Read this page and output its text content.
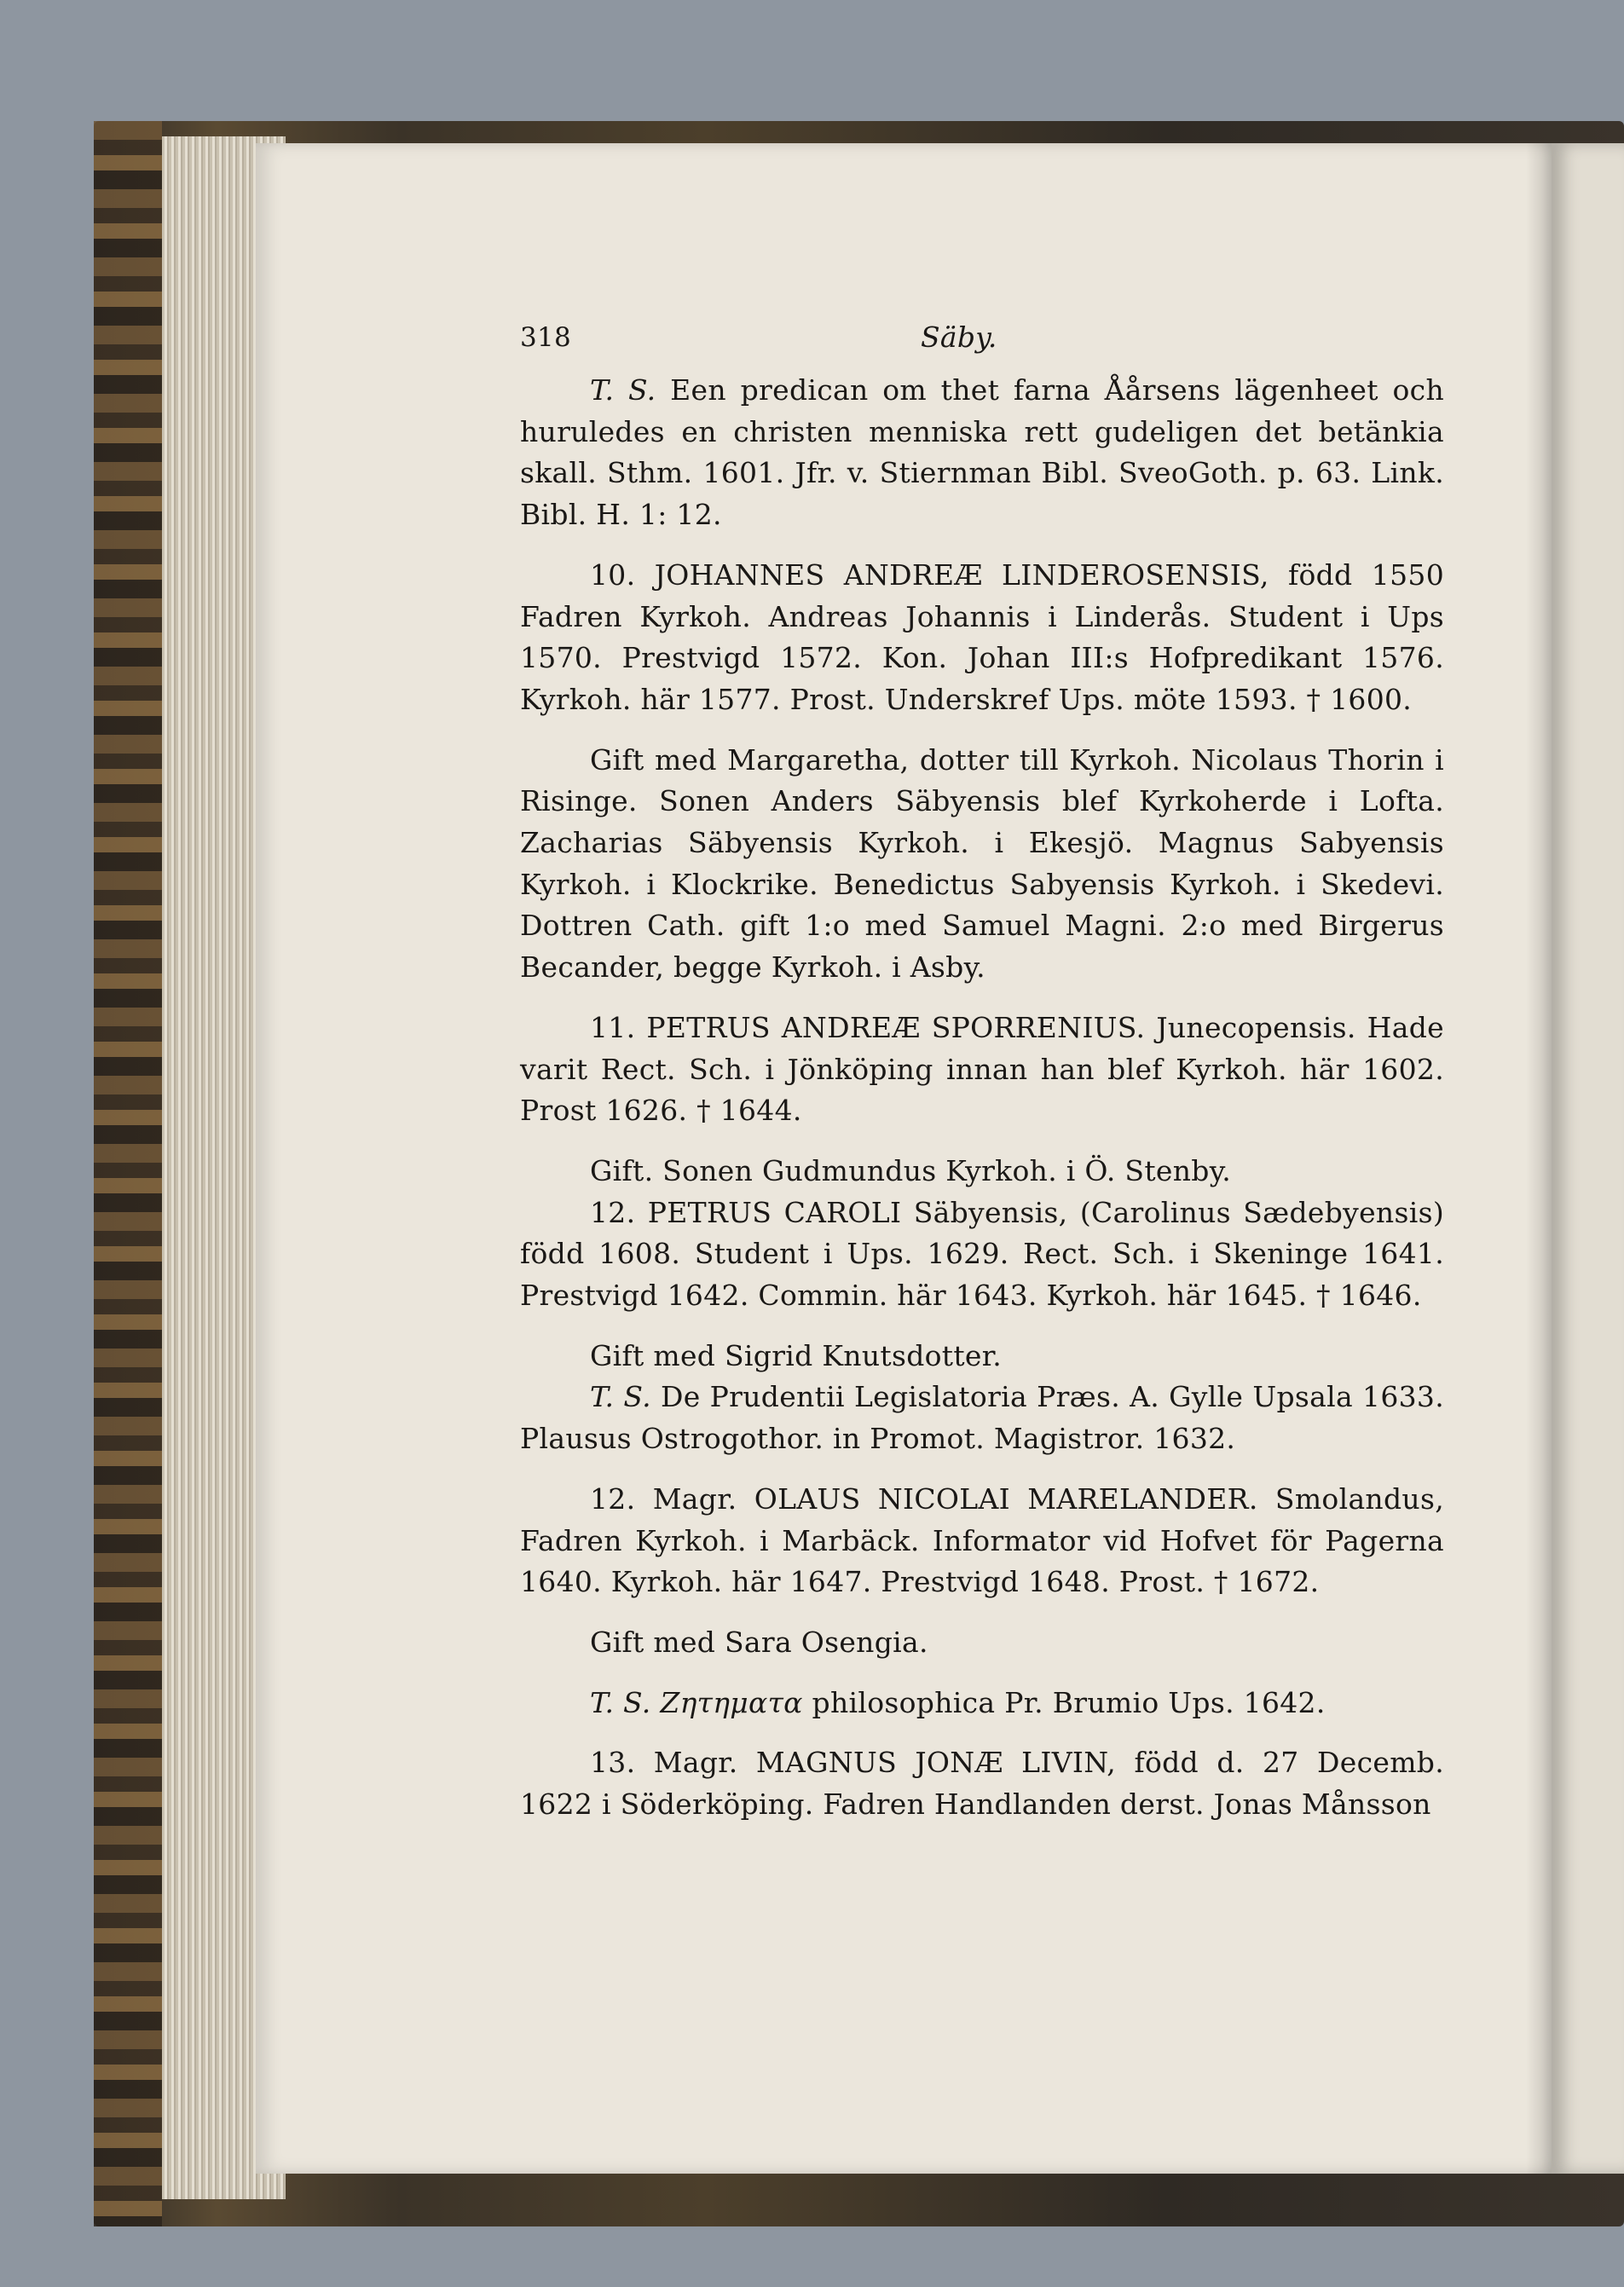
318	Säby.

T. S. Een predican om thet farna Åårsens lägenheet och huruledes en christen menniska rett gudeligen det betänkia skall. Sthm. 1601. Jfr. v. Stiernman Bibl. SveoGoth. p. 63. Link. Bibl. H. 1: 12.

10. JOHANNES ANDREÆ LINDEROSENSIS, född 1550 Fadren Kyrkoh. Andreas Johannis i Linderås. Student i Ups 1570. Prestvigd 1572. Kon. Johan III:s Hofpredikant 1576. Kyrkoh. här 1577. Prost. Underskref Ups. möte 1593. † 1600.

Gift med Margaretha, dotter till Kyrkoh. Nicolaus Thorin i Risinge. Sonen Anders Säbyensis blef Kyrkoherde i Lofta. Zacharias Säbyensis Kyrkoh. i Ekesjö. Magnus Sabyensis Kyrkoh. i Klockrike. Benedictus Sabyensis Kyrkoh. i Skedevi. Dottren Cath. gift 1:o med Samuel Magni. 2:o med Birgerus Becander, begge Kyrkoh. i Asby.

11. PETRUS ANDREÆ SPORRENIUS. Junecopensis. Hade varit Rect. Sch. i Jönköping innan han blef Kyrkoh. här 1602. Prost 1626. † 1644.

Gift. Sonen Gudmundus Kyrkoh. i Ö. Stenby.

12. PETRUS CAROLI Säbyensis, (Carolinus Sædebyensis) född 1608. Student i Ups. 1629. Rect. Sch. i Skeninge 1641. Prestvigd 1642. Commin. här 1643. Kyrkoh. här 1645. † 1646.

Gift med Sigrid Knutsdotter.

T. S. De Prudentii Legislatoria Præs. A. Gylle Upsala 1633. Plausus Ostrogothor. in Promot. Magistror. 1632.

12. Magr. OLAUS NICOLAI MARELANDER. Smolandus, Fadren Kyrkoh. i Marbäck. Informator vid Hofvet för Pagerna 1640. Kyrkoh. här 1647. Prestvigd 1648. Prost. † 1672.

Gift med Sara Osengia.

T. S. Ζητηματα philosophica Pr. Brumio Ups. 1642.

13. Magr. MAGNUS JONÆ LIVIN, född d. 27 Decemb. 1622 i Söderköping. Fadren Handlanden derst. Jonas Månsson
